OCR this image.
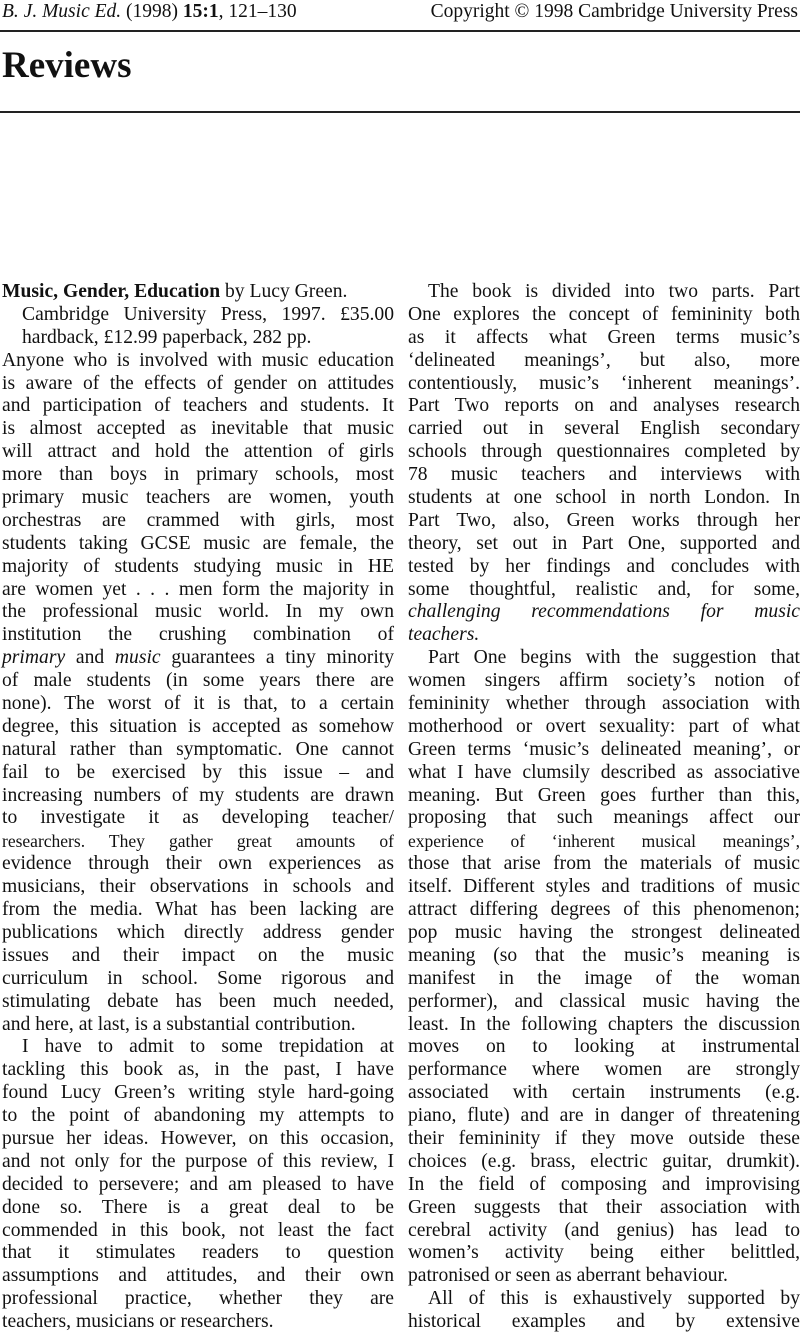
B. J. Music Ed. (1998) 15:1, 121–130	Copyright © 1998 Cambridge University Press
Reviews
Music, Gender, Education by Lucy Green.
Cambridge University Press, 1997. £35.00
hardback, £12.99 paperback, 282 pp.
Anyone who is involved with music education
is aware of the effects of gender on attitudes
and participation of teachers and students. It
is almost accepted as inevitable that music
will attract and hold the attention of girls
more than boys in primary schools, most
primary music teachers are women, youth
orchestras are crammed with girls, most
students taking GCSE music are female, the
majority of students studying music in HE
are women yet . . . men form the majority in
the professional music world. In my own
institution the crushing combination of
primary and music guarantees a tiny minority
of male students (in some years there are
none). The worst of it is that, to a certain
degree, this situation is accepted as somehow
natural rather than symptomatic. One cannot
fail to be exercised by this issue – and
increasing numbers of my students are drawn
to investigate it as developing teacher/
researchers. They gather great amounts of
evidence through their own experiences as
musicians, their observations in schools and
from the media. What has been lacking are
publications which directly address gender
issues and their impact on the music
curriculum in school. Some rigorous and
stimulating debate has been much needed,
and here, at last, is a substantial contribution.
I have to admit to some trepidation at
tackling this book as, in the past, I have
found Lucy Green’s writing style hard-going
to the point of abandoning my attempts to
pursue her ideas. However, on this occasion,
and not only for the purpose of this review, I
decided to persevere; and am pleased to have
done so. There is a great deal to be
commended in this book, not least the fact
that it stimulates readers to question
assumptions and attitudes, and their own
professional practice, whether they are
teachers, musicians or researchers.
The book is divided into two parts. Part
One explores the concept of femininity both
as it affects what Green terms music’s
‘delineated meanings’, but also, more
contentiously, music’s ‘inherent meanings’.
Part Two reports on and analyses research
carried out in several English secondary
schools through questionnaires completed by
78 music teachers and interviews with
students at one school in north London. In
Part Two, also, Green works through her
theory, set out in Part One, supported and
tested by her findings and concludes with
some thoughtful, realistic and, for some,
challenging recommendations for music
teachers.
Part One begins with the suggestion that
women singers affirm society’s notion of
femininity whether through association with
motherhood or overt sexuality: part of what
Green terms ‘music’s delineated meaning’, or
what I have clumsily described as associative
meaning. But Green goes further than this,
proposing that such meanings affect our
experience of ‘inherent musical meanings’,
those that arise from the materials of music
itself. Different styles and traditions of music
attract differing degrees of this phenomenon;
pop music having the strongest delineated
meaning (so that the music’s meaning is
manifest in the image of the woman
performer), and classical music having the
least. In the following chapters the discussion
moves on to looking at instrumental
performance where women are strongly
associated with certain instruments (e.g.
piano, flute) and are in danger of threatening
their femininity if they move outside these
choices (e.g. brass, electric guitar, drumkit).
In the field of composing and improvising
Green suggests that their association with
cerebral activity (and genius) has lead to
women’s activity being either belittled,
patronised or seen as aberrant behaviour.
All of this is exhaustively supported by
historical examples and by extensive
